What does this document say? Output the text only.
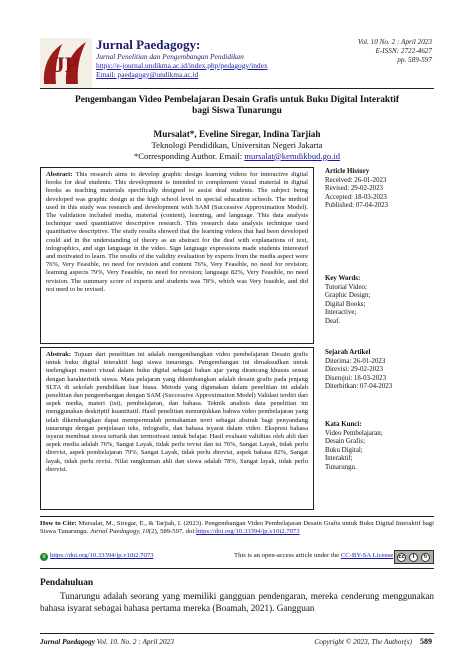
JP
Jurnal Paedagogy:
Jurnal Penelitian dan Pengembangan Pendidikan
https://e-journal.undikma.ac.id/index.php/pedagogy/index
Email: paedagogy@undikma.ac.id
Vol. 10 No. 2 : April 2023
E-ISSN: 2722-4627
pp. 589-597
Pengembangan Video Pembelajaran Desain Grafis untuk Buku Digital Interaktif
bagi Siswa Tunarungu
Mursalat*, Eveline Siregar, Indina Tarjiah
Teknologi Pendidikan, Universitas Negeri Jakarta
*Corresponding Author. Email: mursalat@kemdikbud.go.id
Abstract: This research aims to develop graphic design learning videos for interactive digital books for deaf students. This development is intended to complement visual material in digital books as teaching materials specifically designed to assist deaf students. The subject being developed was graphic design at the high school level in special education schools. The method used in this study was research and development with SAM (Successive Approximation Model). The validation included media, material (content), learning, and language. This data analysis technique used quantitative descriptive research. This research data analysis technique used quantitative descriptive. The study results showed that the learning videos that had been developed could aid in the understanding of theory as an abstract for the deaf with explanations of text, infographics, and sign language in the video. Sign language expressions made students interested and motivated to learn. The results of the validity evaluation by experts from the media aspect were 76%, Very Feasible, no need for revision and content 76%, Very Feasible, no need for revision; learning aspects 79%, Very Feasible, no need for revision; language 82%, Very Feasible, no need revision. The summary score of experts and students was 78%, which was Very feasible, and did not need to be revised.
Article History
Received: 26-01-2023
Revised: 29-02-2023
Accepted: 18-03-2023
Published: 07-04-2023
Key Words:
Tutorial Video;
Graphic Design;
Digital Books;
Interactive;
Deaf.
Abstrak: Tujuan dari penelitian ini adalah mengembangkan video pembelajaran Desain grafis untuk buku digital interaktif bagi siswa tunarungu. Pengembangan ini dimaksudkan untuk melengkapi materi visual dalam buku digital sebagai bahan ajar yang dirancang khusus sesuai dengan karakteristik siswa. Mata pelajaran yang dikembangkan adalah desain grafis pada jenjang SLTA di sekolah pendidikan luar biasa. Metode yang digunakan dalam penelitian ini adalah penelitian dan pengembangan dengan SAM (Successive Approximation Model) Validasi terdiri dari aspek media, materi (isi), pembelajaran, dan bahasa. Teknik analisis data penelitian ini menggunakan deskriptif kuantitatif. Hasil penelitian menunjukkan bahwa video pembelajaran yang telah dikembangkan dapat mempermudah pemahaman teori sebagai abstrak bagi penyandang tunarungu dengan penjelasan teks, infografis, dan bahasa isyarat dalam video. Ekspresi bahasa isyarat membuat siswa tertarik dan termotivasi untuk belajar. Hasil evaluasi validitas oleh ahli dari aspek media adalah 76%, Sangat Layak, tidak perlu revisi dan isi 76%, Sangat Layak, tidak perlu direvisi, aspek pembelajaran 79%, Sangat Layak, tidak perlu direvisi, aspek bahasa 82%, Sangat layak, tidak perlu revisi. Nilai rangkuman ahli dan siswa adalah 78%, Sangat layak, tidak perlu direvisi.
Sejarah Artikel
Diterima: 26-01-2023
Direvisi: 29-02-2023
Disetujui: 18-03-2023
Diterbitkan: 07-04-2023
Kata Kunci:
Video Pembelajaran;
Desain Grafis;
Buku Digital;
Interaktif;
Tunarungu.
How to Cite: Mursalat, M., Siregar, E., & Tarjiah, I. (2023). Pengembangan Video Pembelajaran Desain Grafis untuk Buku Digital Interaktif bagi Siswa Tunarungu. Jurnal Paedagogy, 10(2), 589-597. doi:https://doi.org/10.33394/jp.v10i2.7073
d https://doi.org/10.33394/jp.v10i2.7073	This is an open-access article under the CC-BY-SA License	cc	i	↻
Pendahuluan
Tunarungu adalah seorang yang memiliki gangguan pendengaran, mereka cenderung menggunakan bahasa isyarat sebagai bahasa pertama mereka (Boamah, 2021). Gangguan
Jurnal Paedagogy Vol. 10. No. 2 : April 2023	Copyright © 2023, The Author(s) 589
